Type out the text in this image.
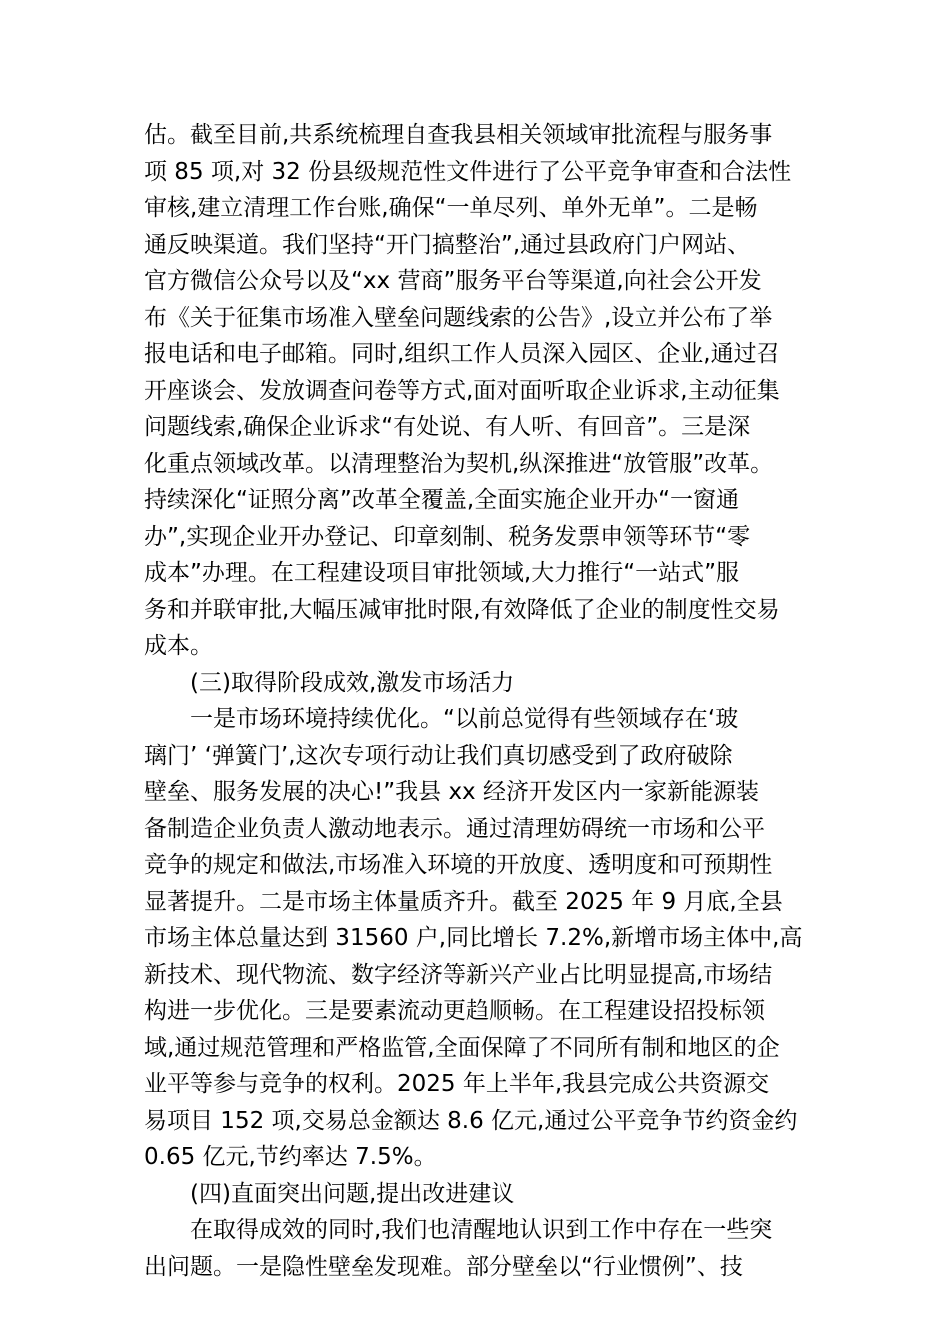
估。截至目前,共系统梳理自查我县相关领域审批流程与服务事
项 85 项,对 32 份县级规范性文件进行了公平竞争审查和合法性
审核,建立清理工作台账,确保“一单尽列、单外无单”。二是畅
通反映渠道。我们坚持“开门搞整治”,通过县政府门户网站、
官方微信公众号以及“xx 营商”服务平台等渠道,向社会公开发
布《关于征集市场准入壁垒问题线索的公告》,设立并公布了举
报电话和电子邮箱。同时,组织工作人员深入园区、企业,通过召
开座谈会、发放调查问卷等方式,面对面听取企业诉求,主动征集
问题线索,确保企业诉求“有处说、有人听、有回音”。三是深
化重点领域改革。以清理整治为契机,纵深推进“放管服”改革。
持续深化“证照分离”改革全覆盖,全面实施企业开办“一窗通
办”,实现企业开办登记、印章刻制、税务发票申领等环节“零
成本”办理。在工程建设项目审批领域,大力推行“一站式”服
务和并联审批,大幅压减审批时限,有效降低了企业的制度性交易
成本。
(三)取得阶段成效,激发市场活力
一是市场环境持续优化。“以前总觉得有些领域存在‘玻
璃门’ ‘弹簧门’,这次专项行动让我们真切感受到了政府破除
壁垒、服务发展的决心!”我县 xx 经济开发区内一家新能源装
备制造企业负责人激动地表示。通过清理妨碍统一市场和公平
竞争的规定和做法,市场准入环境的开放度、透明度和可预期性
显著提升。二是市场主体量质齐升。截至 2025 年 9 月底,全县
市场主体总量达到 31560 户,同比增长 7.2%,新增市场主体中,高
新技术、现代物流、数字经济等新兴产业占比明显提高,市场结
构进一步优化。三是要素流动更趋顺畅。在工程建设招投标领
域,通过规范管理和严格监管,全面保障了不同所有制和地区的企
业平等参与竞争的权利。2025 年上半年,我县完成公共资源交
易项目 152 项,交易总金额达 8.6 亿元,通过公平竞争节约资金约
0.65 亿元,节约率达 7.5%。
(四)直面突出问题,提出改进建议
在取得成效的同时,我们也清醒地认识到工作中存在一些突
出问题。一是隐性壁垒发现难。部分壁垒以“行业惯例”、技
